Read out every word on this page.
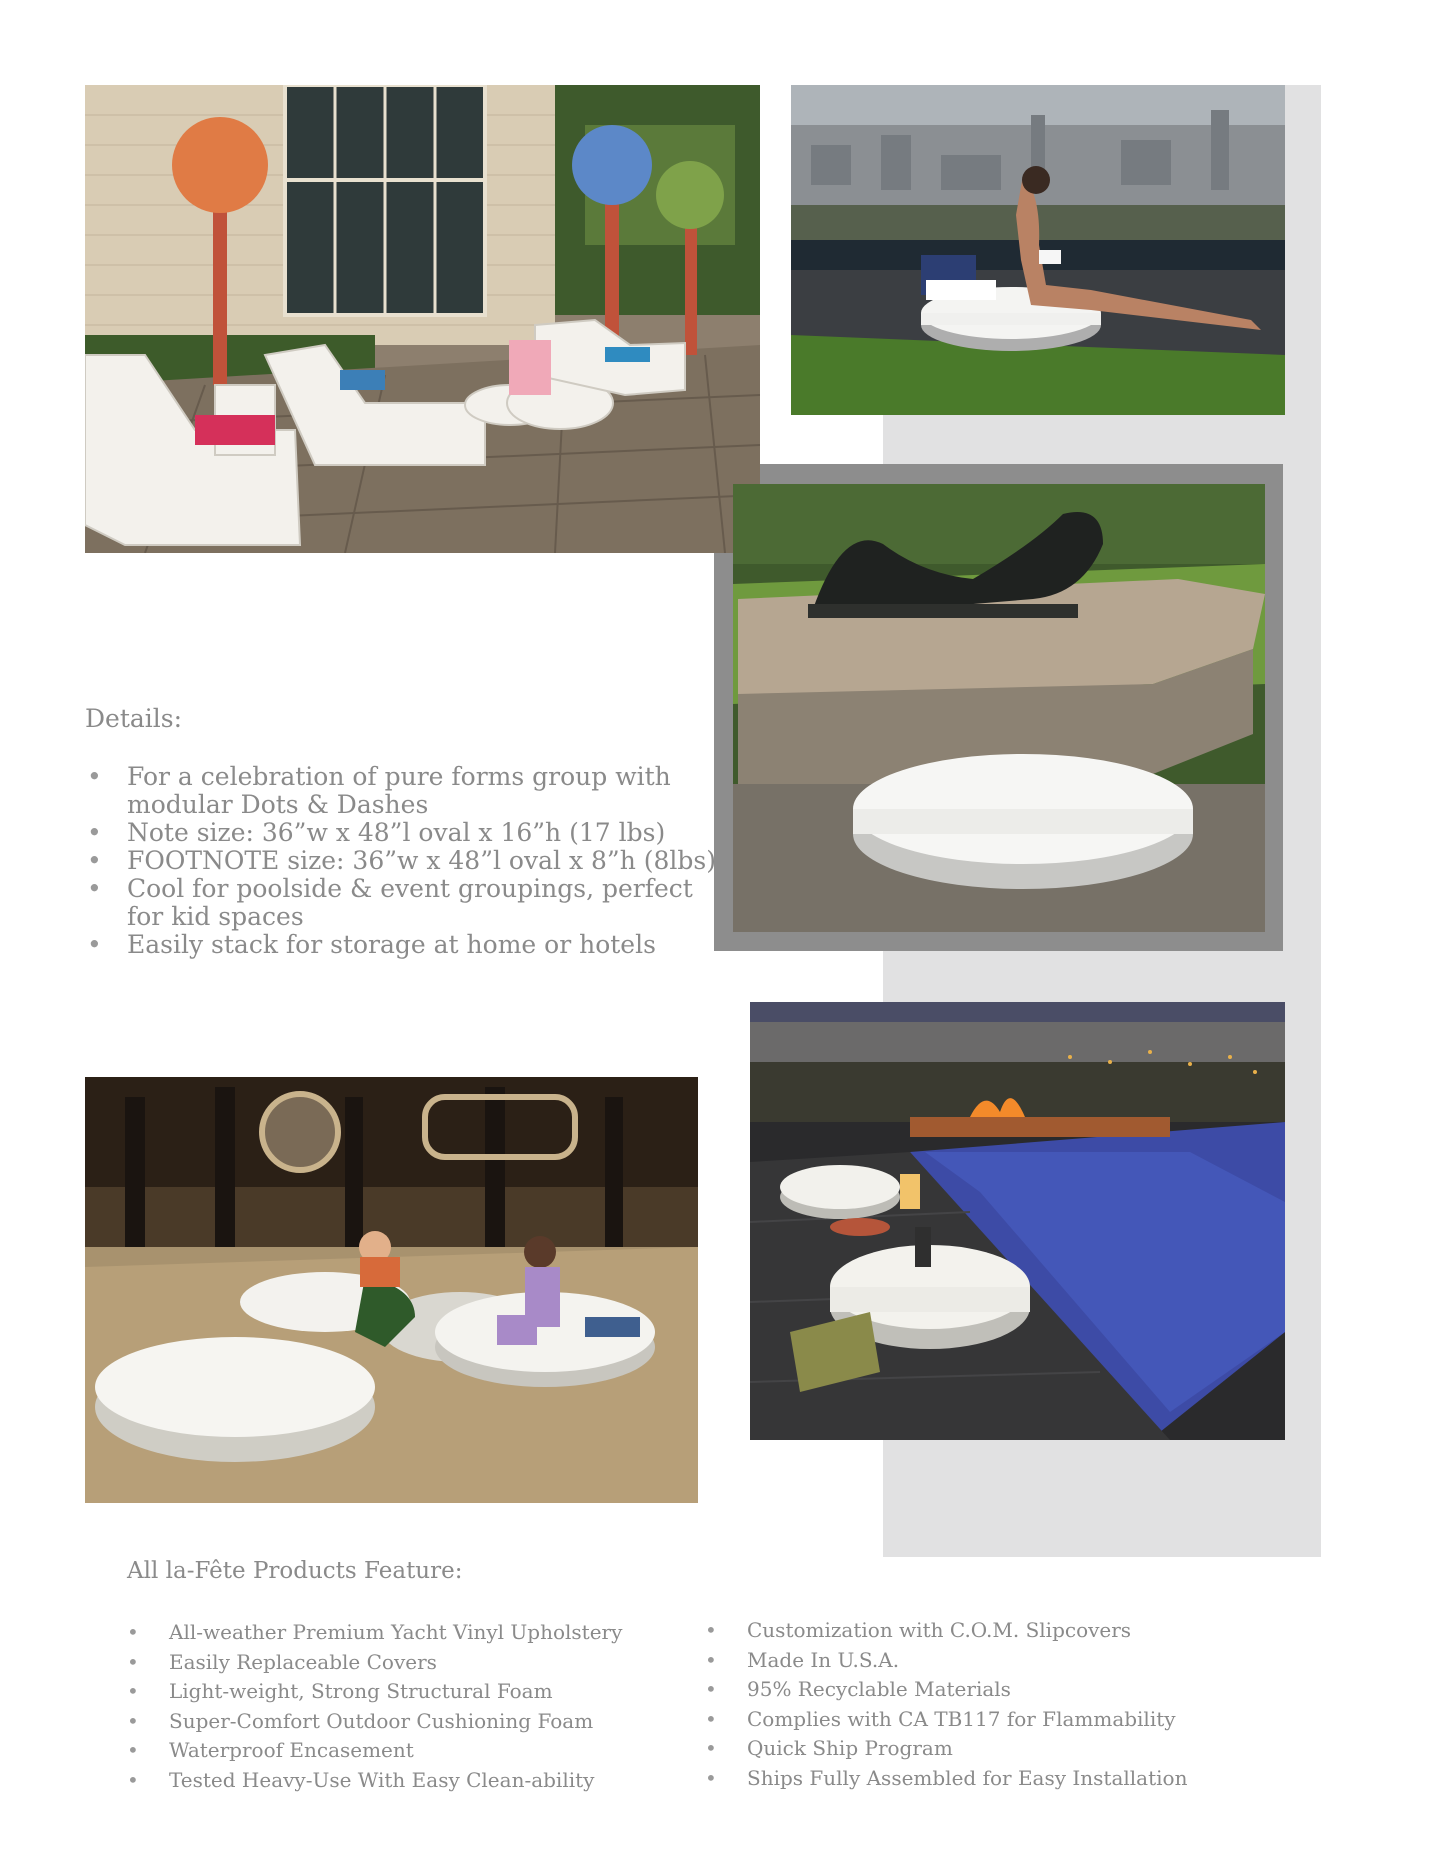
Details:

• For a celebration of pure forms group with modular Dots & Dashes
• Note size: 36”w x 48”l oval x 16”h (17 lbs)
• FOOTNOTE size: 36”w x 48”l oval x 8”h (8lbs)
• Cool for poolside & event groupings, perfect for kid spaces
• Easily stack for storage at home or hotels
All la-Fête Products Feature:
• All-weather Premium Yacht Vinyl Upholstery
• Easily Replaceable Covers
• Light-weight, Strong Structural Foam
• Super-Comfort Outdoor Cushioning Foam
• Waterproof Encasement
• Tested Heavy-Use With Easy Clean-ability
• Customization with C.O.M. Slipcovers
• Made In U.S.A.
• 95% Recyclable Materials
• Complies with CA TB117 for Flammability
• Quick Ship Program
• Ships Fully Assembled for Easy Installation
